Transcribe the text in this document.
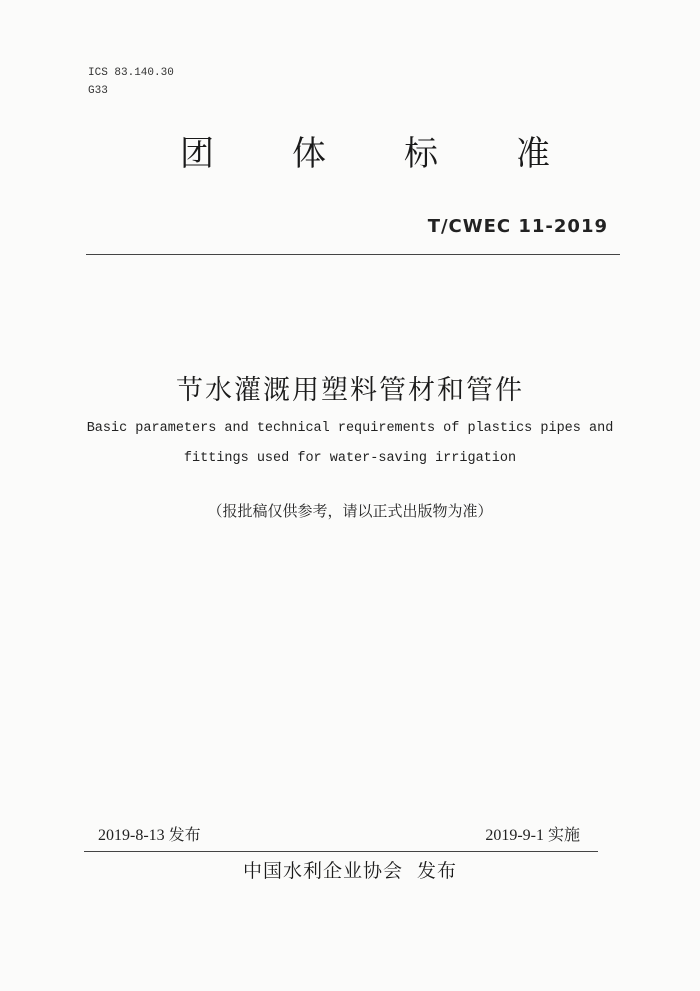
ICS 83.140.30
G33
团 体 标 准
T/CWEC 11-2019
节水灌溉用塑料管材和管件
Basic parameters and technical requirements of plastics pipes and
fittings used for water-saving irrigation
（报批稿仅供参考，请以正式出版物为准）
2019-8-13 发布	2019-9-1 实施
中国水利企业协会 发布
